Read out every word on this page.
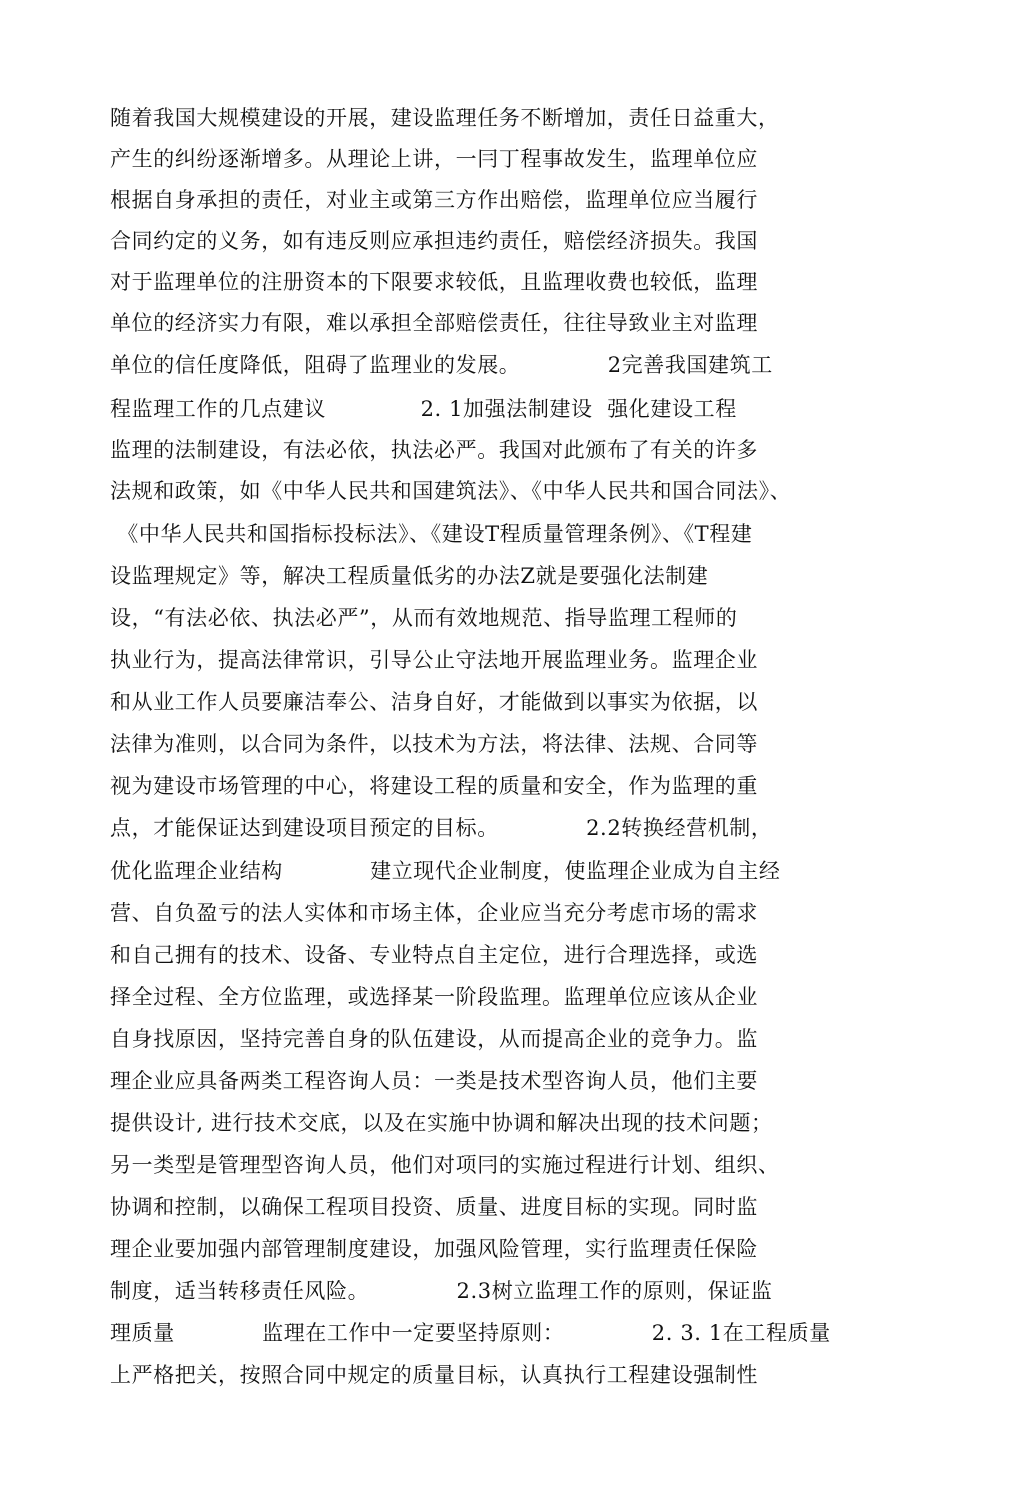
随着我国大规模建设的开展，建设监理任务不断增加，责任日益重大，
产生的纠纷逐渐增多。从理论上讲，一冃丁程事故发生，监理单位应
根据自身承担的责任，对业主或第三方作出赔偿，监理单位应当履行
合同约定的义务，如有违反则应承担违约责任，赔偿经济损失。我国
对于监理单位的注册资本的下限要求较低，且监理收费也较低，监理
单位的经济实力有限，难以承担全部赔偿责任，往往导致业主对监理
单位的信任度降低，阻碍了监理业的发展。            2完善我国建筑工
程监理工作的几点建议             2. 1加强法制建设  强化建设工程
监理的法制建设，有法必依，执法必严。我国对此颁布了有关的许多
法规和政策，如《中华人民共和国建筑法》、《中华人民共和国合同法》、
《中华人民共和国指标投标法》、《建设T程质量管理条例》、《T程建
设监理规定》等，解决工程质量低劣的办法Z就是要强化法制建
设，“有法必依、执法必严”，从而有效地规范、指导监理工程师的
执业行为，提高法律常识，引导公止守法地开展监理业务。监理企业
和从业工作人员要廉洁奉公、洁身自好，才能做到以事实为依据，以
法律为准则，以合同为条件，以技术为方法，将法律、法规、合同等
视为建设市场管理的中心，将建设工程的质量和安全，作为监理的重
点，才能保证达到建设项目预定的目标。            2.2转换经营机制，
优化监理企业结构            建立现代企业制度，使监理企业成为自主经
营、自负盈亏的法人实体和市场主体，企业应当充分考虑市场的需求
和自己拥有的技术、设备、专业特点自主定位，进行合理选择，或选
择全过程、全方位监理，或选择某一阶段监理。监理单位应该从企业
自身找原因，坚持完善自身的队伍建设，从而提高企业的竞争力。监
理企业应具备两类工程咨询人员：一类是技术型咨询人员，他们主要
提供设计, 进行技术交底，以及在实施中协调和解决出现的技术问题；
另一类型是管理型咨询人员，他们对项冃的实施过程进行计划、组织、
协调和控制，以确保工程项目投资、质量、进度目标的实现。同时监
理企业要加强内部管理制度建设，加强风险管理，实行监理责任保险
制度，适当转移责任风险。            2.3树立监理工作的原则，保证监
理质量            监理在工作中一定要坚持原则：            2. 3. 1在工程质量
上严格把关，按照合同中规定的质量目标，认真执行工程建设强制性
